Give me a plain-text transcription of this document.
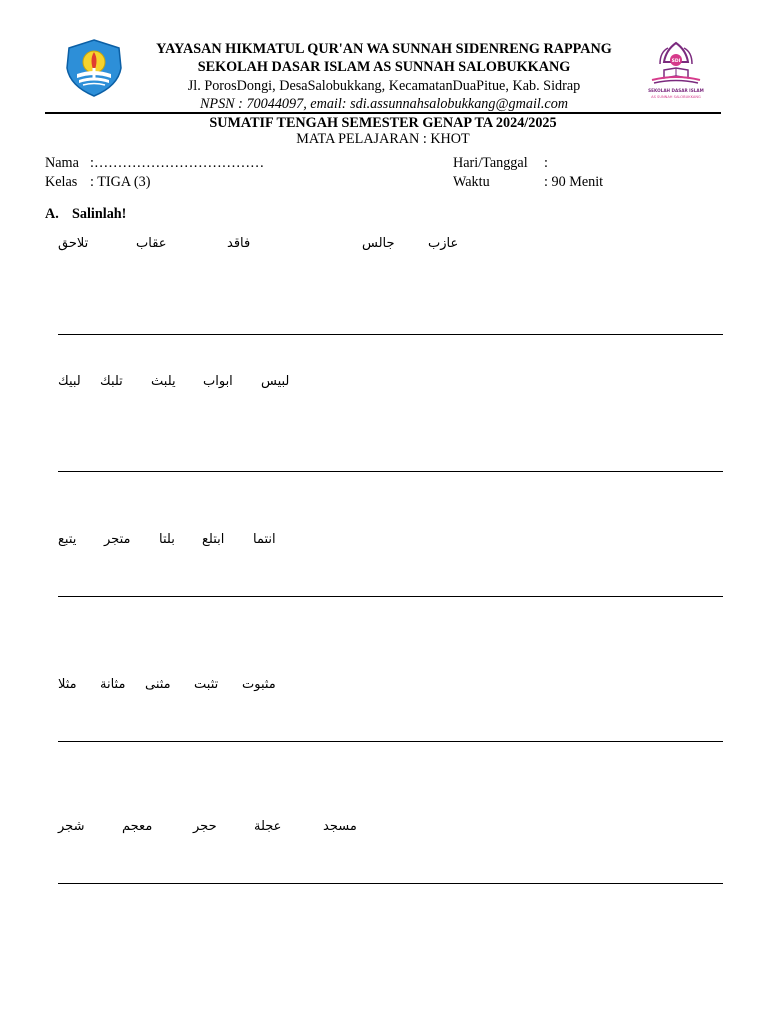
SDI
SEKOLAH DASAR ISLAM
AS SUNNAH SALOBUKKANG
YAYASAN HIKMATUL QUR'AN WA SUNNAH SIDENRENG RAPPANG
SEKOLAH DASAR ISLAM AS SUNNAH SALOBUKKANG
Jl. PorosDongi, DesaSalobukkang, KecamatanDuaPitue, Kab. Sidrap
NPSN : 70044097, email: sdi.assunnahsalobukkang@gmail.com
SUMATIF TENGAH SEMESTER GENAP TA 2024/2025
MATA PELAJARAN : KHOT
Nama :………………………………
Kelas : TIGA (3)
Hari/Tanggal :
Waktu	: 90 Menit
A. Salinlah!
تلاحق	عقاب	فاقد	جالس	عازب
لبيك تلبك يلبث ابواب لبيس
يتبع متجر بلتا ابتلع انتما
مثلا مثانة مثنى تثبت مثبوت
شجر	معجم	حجر	عجلة	مسجد
